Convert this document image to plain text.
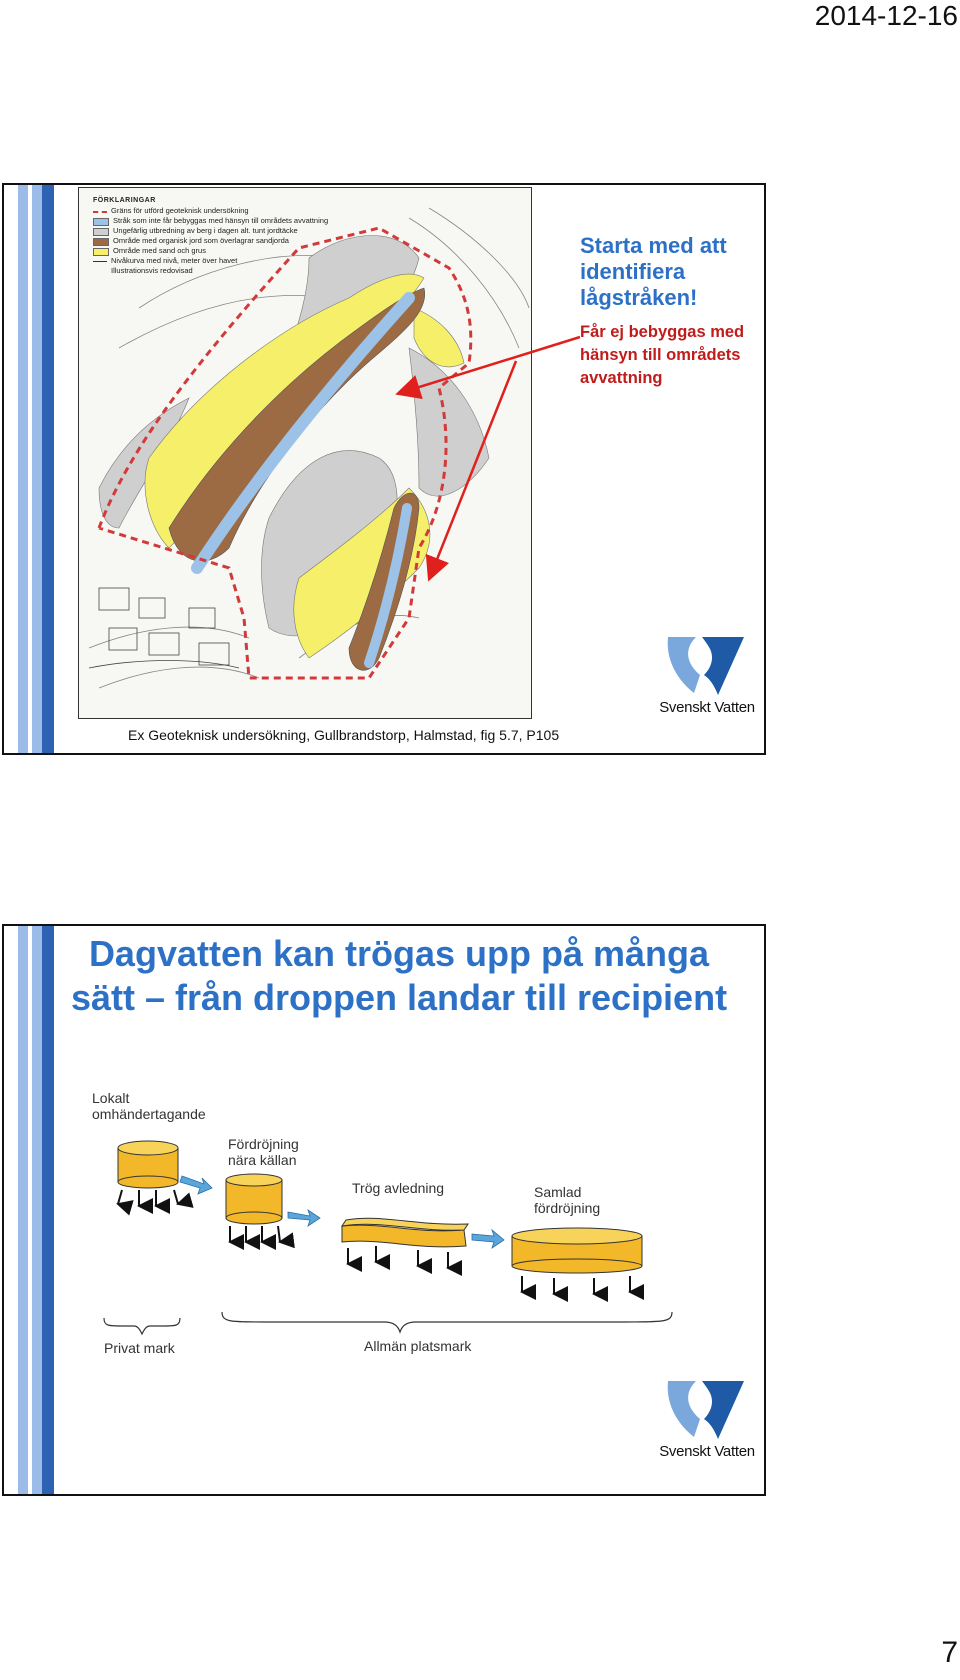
2014-12-16
FÖRKLARINGAR
Gräns för utförd geoteknisk undersökning
Stråk som inte får bebyggas med hänsyn till områdets avvattning
Ungefärlig utbredning av berg i dagen alt. tunt jordtäcke
Område med organisk jord som överlagrar sandjorda
Område med sand och grus
Nivåkurva med nivå, meter över havet
Illustrationsvis redovisad
Starta med att identifiera lågstråken!
Får ej bebyggas med hänsyn till områdets avvattning
Ex Geoteknisk undersökning, Gullbrandstorp, Halmstad, fig 5.7, P105
Svenskt Vatten
Dagvatten kan trögas upp på många sätt – från droppen landar till recipient
Lokalt
omhändertagande
Fördröjning
nära källan
Trög avledning	Samlad
fördröjning
Privat mark	Allmän platsmark
Svenskt Vatten
7
